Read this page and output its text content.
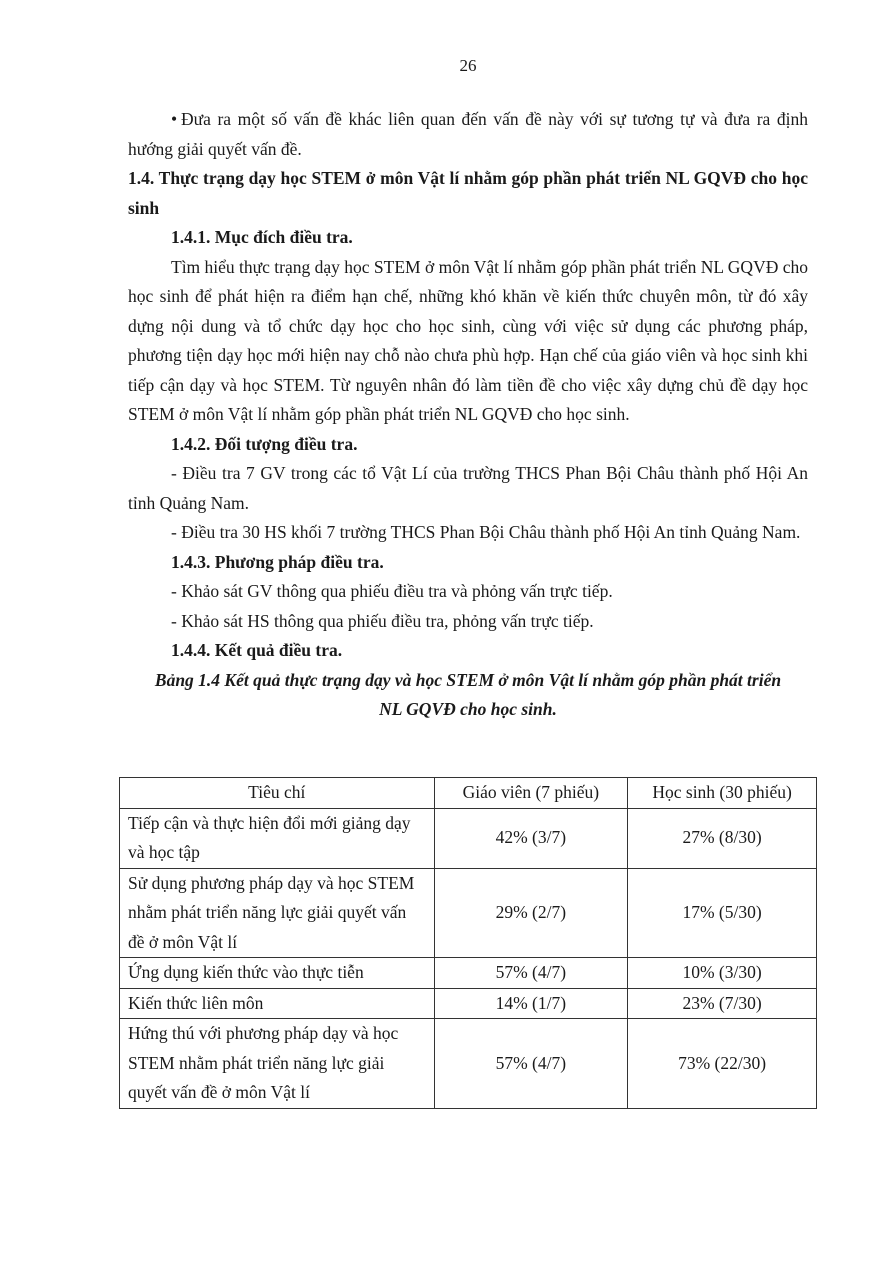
26

• Đưa ra một số vấn đề khác liên quan đến vấn đề này với sự tương tự và đưa ra định hướng giải quyết vấn đề.

1.4. Thực trạng dạy học STEM ở môn Vật lí nhằm góp phần phát triển NL GQVĐ cho học sinh

1.4.1. Mục đích điều tra.

Tìm hiểu thực trạng dạy học STEM ở môn Vật lí nhằm góp phần phát triển NL GQVĐ cho học sinh để phát hiện ra điểm hạn chế, những khó khăn về kiến thức chuyên môn, từ đó xây dựng nội dung và tổ chức dạy học cho học sinh, cùng với việc sử dụng các phương pháp, phương tiện dạy học mới hiện nay chỗ nào chưa phù hợp. Hạn chế của giáo viên và học sinh khi tiếp cận dạy và học STEM. Từ nguyên nhân đó làm tiền đề cho việc xây dựng chủ đề dạy học STEM ở môn Vật lí nhằm góp phần phát triển NL GQVĐ cho học sinh.

1.4.2. Đối tượng điều tra.

- Điều tra 7 GV trong các tổ Vật Lí của trường THCS Phan Bội Châu thành phố Hội An tỉnh Quảng Nam.

- Điều tra 30 HS khối 7 trường THCS Phan Bội Châu thành phố Hội An tỉnh Quảng Nam.

1.4.3. Phương pháp điều tra.

- Khảo sát GV thông qua phiếu điều tra và phỏng vấn trực tiếp.

- Khảo sát HS thông qua phiếu điều tra, phỏng vấn trực tiếp.

1.4.4. Kết quả điều tra.

Bảng 1.4 Kết quả thực trạng dạy và học STEM ở môn Vật lí nhằm góp phần phát triển NL GQVĐ cho học sinh.

Tiêu chí	Giáo viên (7 phiếu)	Học sinh (30 phiếu)
Tiếp cận và thực hiện đổi mới giảng dạy và học tập	42% (3/7)	27% (8/30)
Sử dụng phương pháp dạy và học STEM nhằm phát triển năng lực giải quyết vấn đề ở môn Vật lí	29% (2/7)	17% (5/30)
Ứng dụng kiến thức vào thực tiễn	57% (4/7)	10% (3/30)
Kiến thức liên môn	14% (1/7)	23% (7/30)
Hứng thú với phương pháp dạy và học STEM nhằm phát triển năng lực giải quyết vấn đề ở môn Vật lí	57% (4/7)	73% (22/30)
